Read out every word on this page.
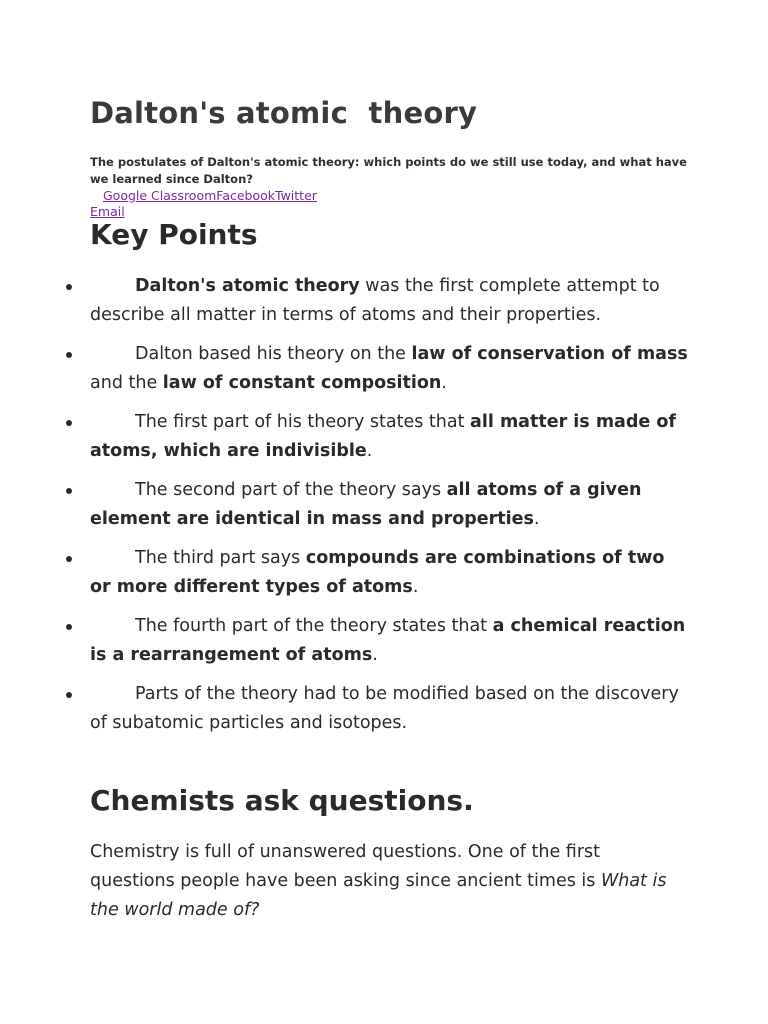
Dalton's atomic  theory

The postulates of Dalton's atomic theory: which points do we still use today, and what have we learned since Dalton?

Google ClassroomFacebookTwitter
Email
Key Points
Dalton's atomic theory was the first complete attempt to describe all matter in terms of atoms and their properties.
Dalton based his theory on the law of conservation of mass and the law of constant composition.
The first part of his theory states that all matter is made of atoms, which are indivisible.
The second part of the theory says all atoms of a given element are identical in mass and properties.
The third part says compounds are combinations of two or more different types of atoms.
The fourth part of the theory states that a chemical reaction is a rearrangement of atoms.
Parts of the theory had to be modified based on the discovery of subatomic particles and isotopes.
Chemists ask questions.

Chemistry is full of unanswered questions. One of the first questions people have been asking since ancient times is What is the world made of?
